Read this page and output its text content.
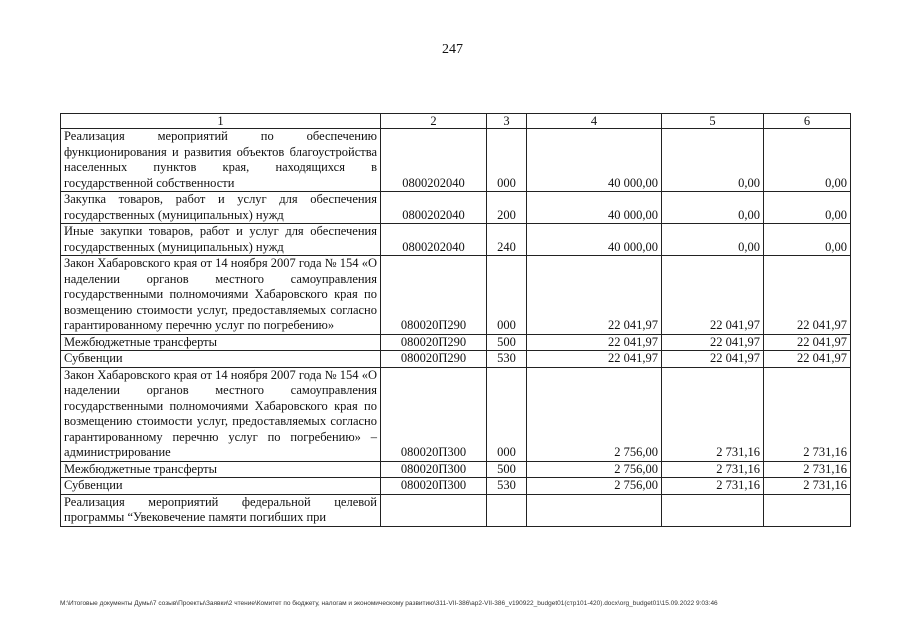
247
1	2	3	4	5	6
Реализация мероприятий по обеспечению функционирования и развития объектов благоустройства населенных пунктов края, находящихся в государственной собственности	0800202040	000	40 000,00	0,00	0,00
Закупка товаров, работ и услуг для обеспечения государственных (муниципальных) нужд	0800202040	200	40 000,00	0,00	0,00
Иные закупки товаров, работ и услуг для обеспечения государственных (муниципальных) нужд	0800202040	240	40 000,00	0,00	0,00
Закон Хабаровского края от 14 ноября 2007 года № 154 «О наделении органов местного самоуправления государственными полномочиями Хабаровского края по возмещению стоимости услуг, предоставляемых согласно гарантированному перечню услуг по погребению»	080020П290	000	22 041,97	22 041,97	22 041,97
Межбюджетные трансферты	080020П290	500	22 041,97	22 041,97	22 041,97
Субвенции	080020П290	530	22 041,97	22 041,97	22 041,97
Закон Хабаровского края от 14 ноября 2007 года № 154 «О наделении органов местного самоуправления государственными полномочиями Хабаровского края по возмещению стоимости услуг, предоставляемых согласно гарантированному перечню услуг по погребению» – администрирование	080020П300	000	2 756,00	2 731,16	2 731,16
Межбюджетные трансферты	080020П300	500	2 756,00	2 731,16	2 731,16
Субвенции	080020П300	530	2 756,00	2 731,16	2 731,16
Реализация мероприятий федеральной целевой программы “Увековечение памяти погибших при					
M:\Итоговые документы Думы\7 созыв\Проекты\Заявки\2 чтение\Комитет по бюджету, налогам и экономическому развитию\311-VII-386\ap2-VII-386_v190922_budget01(стр101-420).docx\org_budget01\15.09.2022 9:03:46
